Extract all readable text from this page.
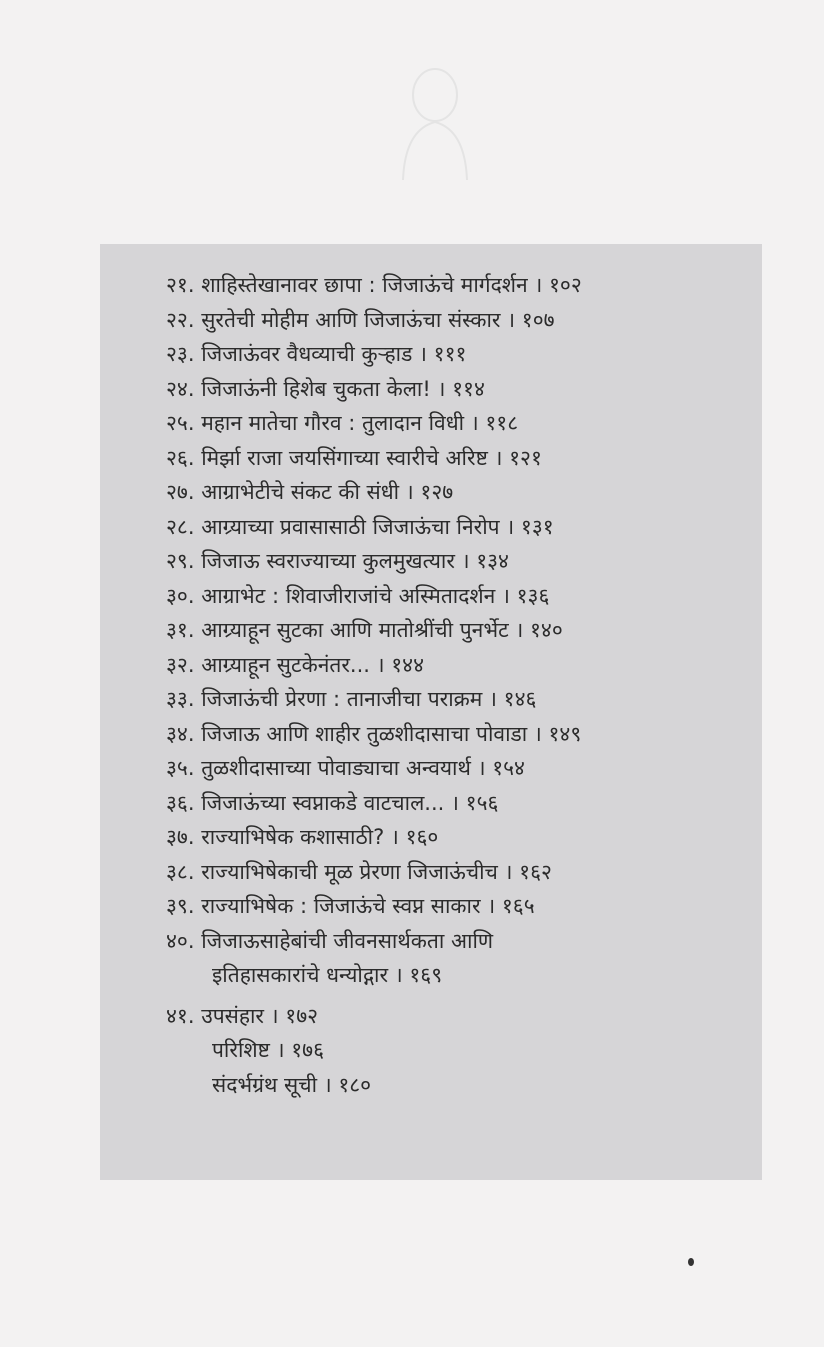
२१. शाहिस्तेखानावर छापा : जिजाऊंचे मार्गदर्शन । १०२
२२. सुरतेची मोहीम आणि जिजाऊंचा संस्कार । १०७
२३. जिजाऊंवर वैधव्याची कुऱ्हाड । १११
२४. जिजाऊंनी हिशेब चुकता केला! । ११४
२५. महान मातेचा गौरव : तुलादान विधी । ११८
२६. मिर्झा राजा जयसिंगाच्या स्वारीचे अरिष्ट । १२१
२७. आग्राभेटीचे संकट की संधी । १२७
२८. आग्र्याच्या प्रवासासाठी जिजाऊंचा निरोप । १३१
२९. जिजाऊ स्वराज्याच्या कुलमुखत्यार । १३४
३०. आग्राभेट : शिवाजीराजांचे अस्मितादर्शन । १३६
३१. आग्र्याहून सुटका आणि मातोश्रींची पुनर्भेट । १४०
३२. आग्र्याहून सुटकेनंतर... । १४४
३३. जिजाऊंची प्रेरणा : तानाजीचा पराक्रम । १४६
३४. जिजाऊ आणि शाहीर तुळशीदासाचा पोवाडा । १४९
३५. तुळशीदासाच्या पोवाड्याचा अन्वयार्थ । १५४
३६. जिजाऊंच्या स्वप्नाकडे वाटचाल... । १५६
३७. राज्याभिषेक कशासाठी? । १६०
३८. राज्याभिषेकाची मूळ प्रेरणा जिजाऊंचीच । १६२
३९. राज्याभिषेक : जिजाऊंचे स्वप्न साकार । १६५
४०. जिजाऊसाहेबांची जीवनसार्थकता आणि
इतिहासकारांचे धन्योद्गार । १६९
४१. उपसंहार । १७२
परिशिष्ट । १७६
संदर्भग्रंथ सूची । १८०
